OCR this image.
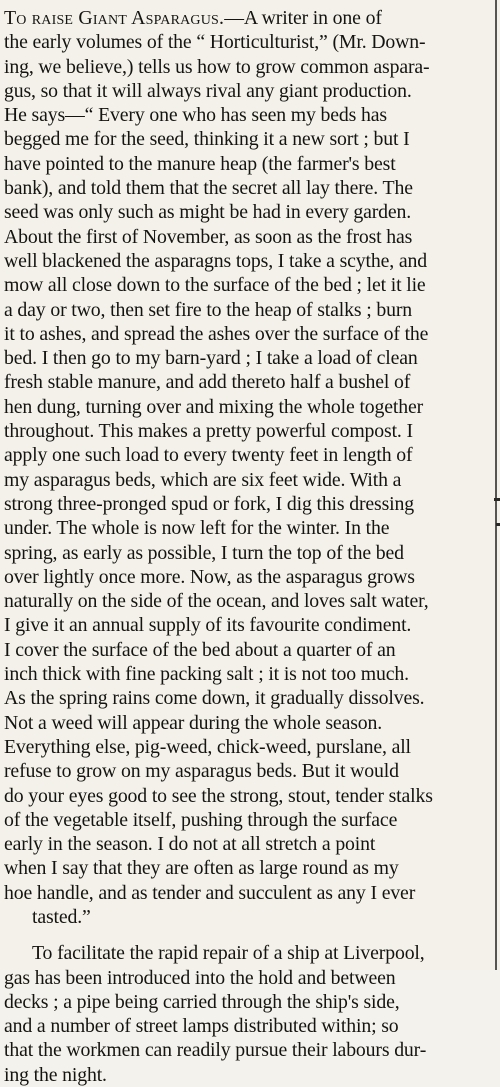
To raise Giant Asparagus.—A writer in one of
the early volumes of the “ Horticulturist,” (Mr. Down-
ing, we believe,) tells us how to grow common aspara-
gus, so that it will always rival any giant production.
He says—“ Every one who has seen my beds has
begged me for the seed, thinking it a new sort ; but I
have pointed to the manure heap (the farmer's best
bank), and told them that the secret all lay there. The
seed was only such as might be had in every garden.
About the first of November, as soon as the frost has
well blackened the asparagns tops, I take a scythe, and
mow all close down to the surface of the bed ; let it lie
a day or two, then set fire to the heap of stalks ; burn
it to ashes, and spread the ashes over the surface of the
bed. I then go to my barn-yard ; I take a load of clean
fresh stable manure, and add thereto half a bushel of
hen dung, turning over and mixing the whole together
throughout. This makes a pretty powerful compost. I
apply one such load to every twenty feet in length of
my asparagus beds, which are six feet wide. With a
strong three-pronged spud or fork, I dig this dressing
under. The whole is now left for the winter. In the
spring, as early as possible, I turn the top of the bed
over lightly once more. Now, as the asparagus grows
naturally on the side of the ocean, and loves salt water,
I give it an annual supply of its favourite condiment.
I cover the surface of the bed about a quarter of an
inch thick with fine packing salt ; it is not too much.
As the spring rains come down, it gradually dissolves.
Not a weed will appear during the whole season.
Everything else, pig-weed, chick-weed, purslane, all
refuse to grow on my asparagus beds. But it would
do your eyes good to see the strong, stout, tender stalks
of the vegetable itself, pushing through the surface
early in the season. I do not at all stretch a point
when I say that they are often as large round as my
hoe handle, and as tender and succulent as any I ever
tasted.”
To facilitate the rapid repair of a ship at Liverpool,
gas has been introduced into the hold and between
decks ; a pipe being carried through the ship's side,
and a number of street lamps distributed within; so
that the workmen can readily pursue their labours dur-
ing the night.
